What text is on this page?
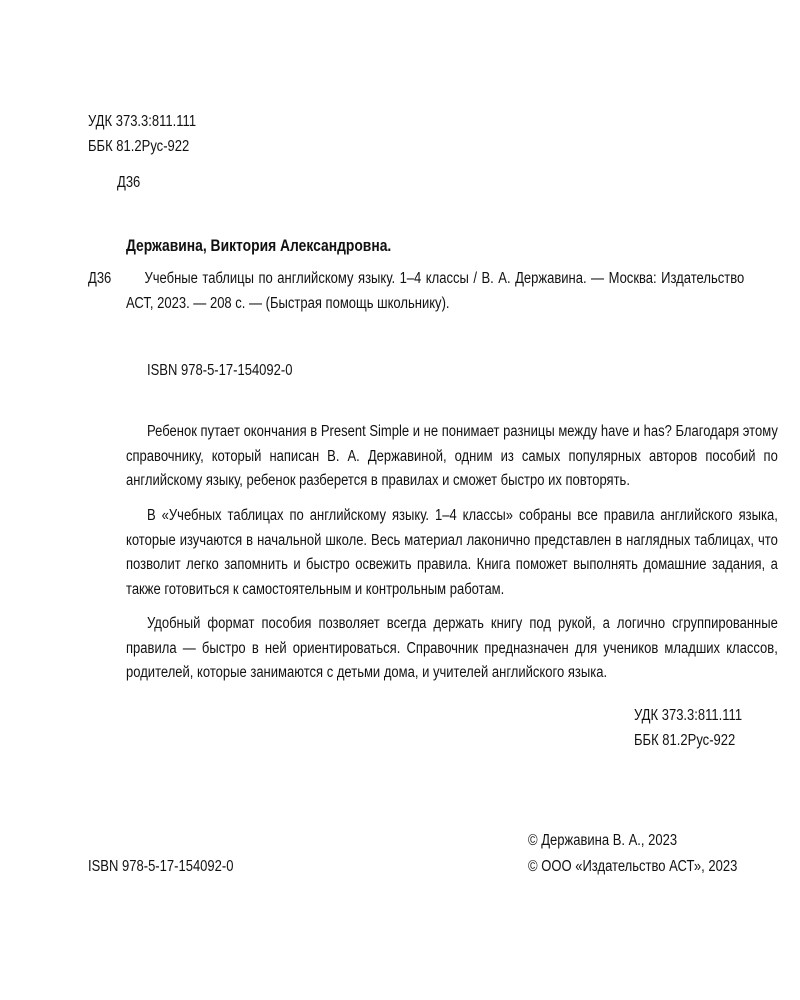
УДК 373.3:811.111
ББК 81.2Рус-922
Д36
Державина, Виктория Александровна.
Д36	Учебные таблицы по английскому языку. 1–4 классы / В. А. Державина. — Москва: Издательство АСТ, 2023. — 208 с. — (Быстрая помощь школьнику).
ISBN 978-5-17-154092-0
Ребенок путает окончания в Present Simple и не понимает разницы между have и has? Благодаря этому справочнику, который написан В. А. Державиной, одним из самых популярных авторов пособий по английскому языку, ребенок разберется в правилах и сможет быстро их повторять.
В «Учебных таблицах по английскому языку. 1–4 классы» собраны все правила английского языка, которые изучаются в начальной школе. Весь материал лаконично представлен в наглядных таблицах, что позволит легко запомнить и быстро освежить правила. Книга поможет выполнять домашние задания, а также готовиться к самостоятельным и контрольным работам.
Удобный формат пособия позволяет всегда держать книгу под рукой, а логично сгруппированные правила — быстро в ней ориентироваться. Справочник предназначен для учеников младших классов, родителей, которые занимаются с детьми дома, и учителей английского языка.
УДК 373.3:811.111
ББК 81.2Рус-922
ISBN 978-5-17-154092-0
© Державина В. А., 2023
© ООО «Издательство АСТ», 2023
